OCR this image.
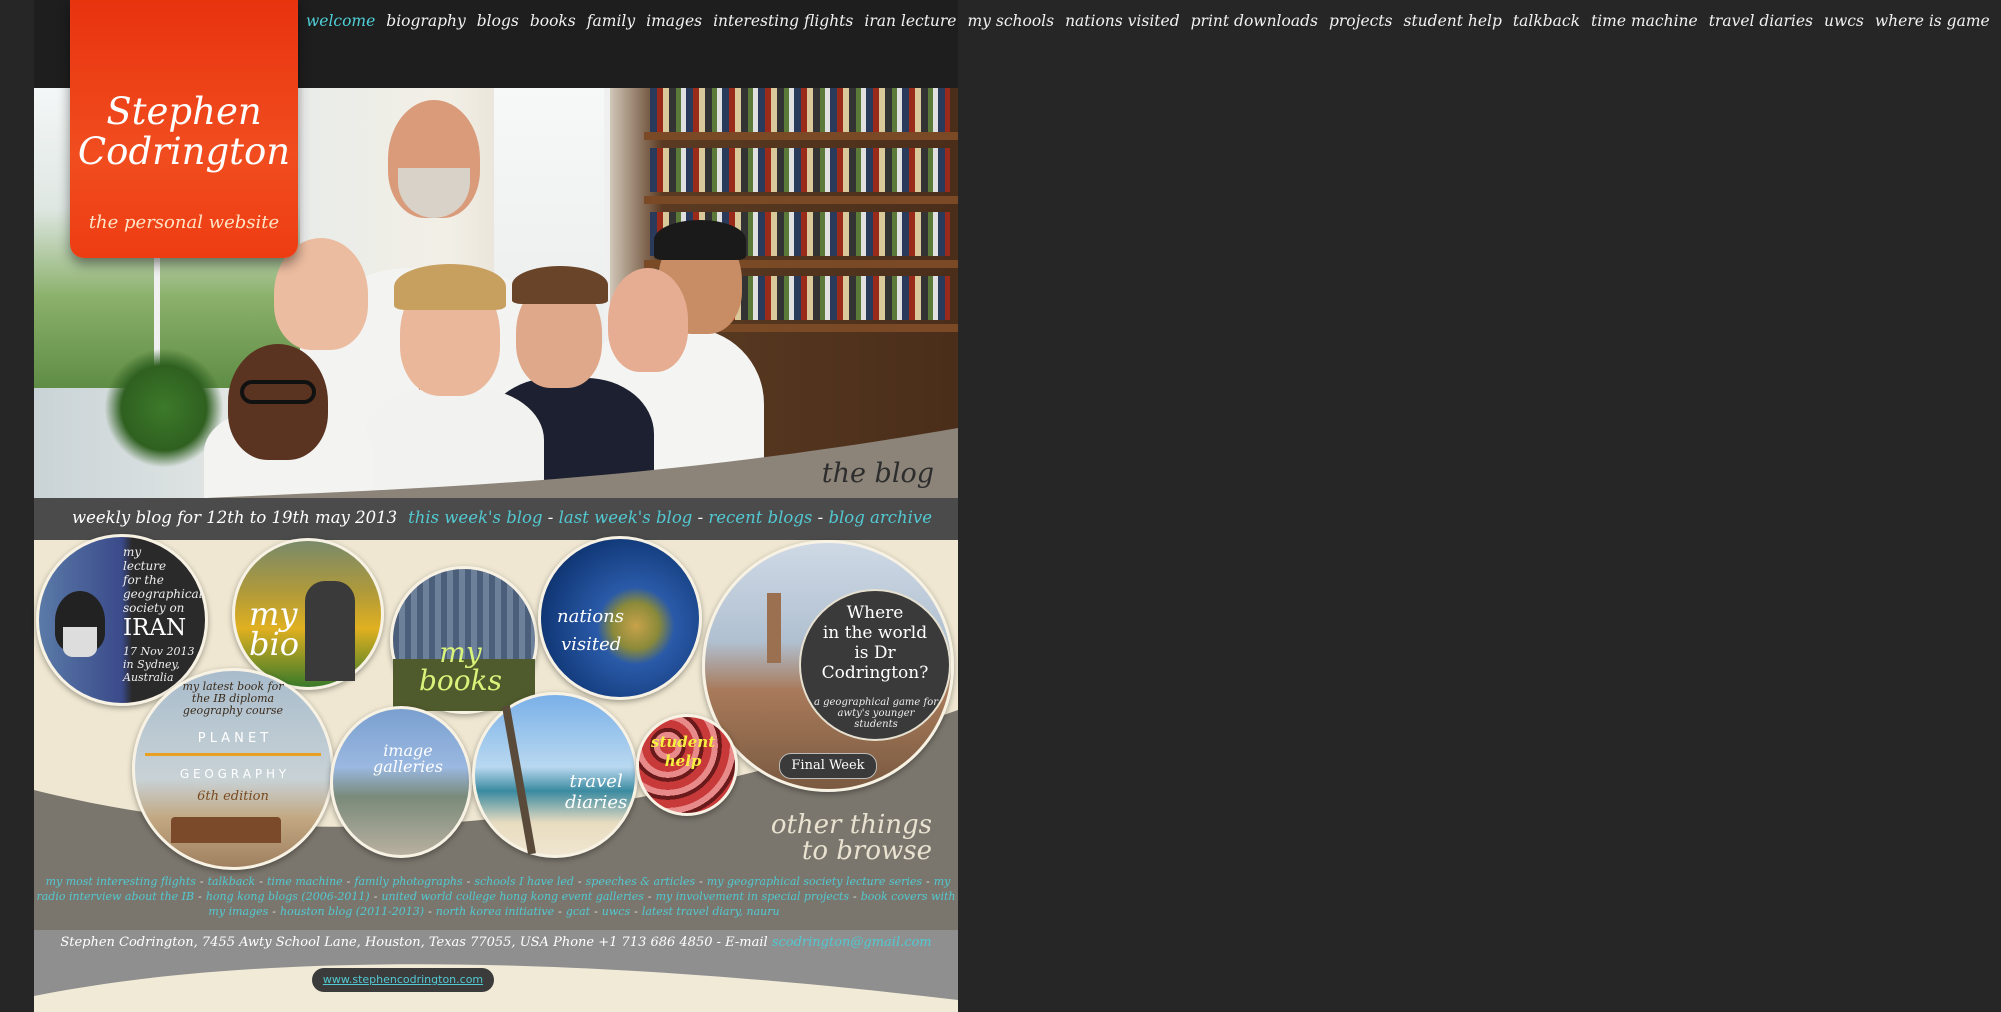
the blog
weekly blog for 12th to 19th may 2013 this week's blog - last week's blog - recent blogs - blog archive
my
lecture
for the
geographical
society on
IRAN
17 Nov 2013
in Sydney,
Australia
my
bio	my
books
nations
visited
Where
in the world
is Dr
Codrington?
a geographical game for
awty's younger
students
Final Week
my latest book for
the IB diploma
geography course
P L A N E T
G E O G R A P H Y
6th edition
image
galleries
travel
diaries
student
help
other things
to browse
my most interesting flights - talkback - time machine - family photographs - schools I have led - speeches & articles - my geographical society lecture series - my radio interview about the IB - hong kong blogs (2006-2011) - united world college hong kong event galleries - my involvement in special projects - book covers with my images - houston blog (2011-2013) - north korea initiative - gcat - uwcs - latest travel diary, nauru
Stephen Codrington, 7455 Awty School Lane, Houston, Texas 77055, USA Phone +1 713 686 4850 - E-mail scodrington@gmail.com
www.stephencodrington.com
welcome biography blogs books family images interesting flights iran lecture my schools nations visited print downloads projects student help talkback time machine travel diaries uwcs where is game
Stephen
Codrington
the personal website
